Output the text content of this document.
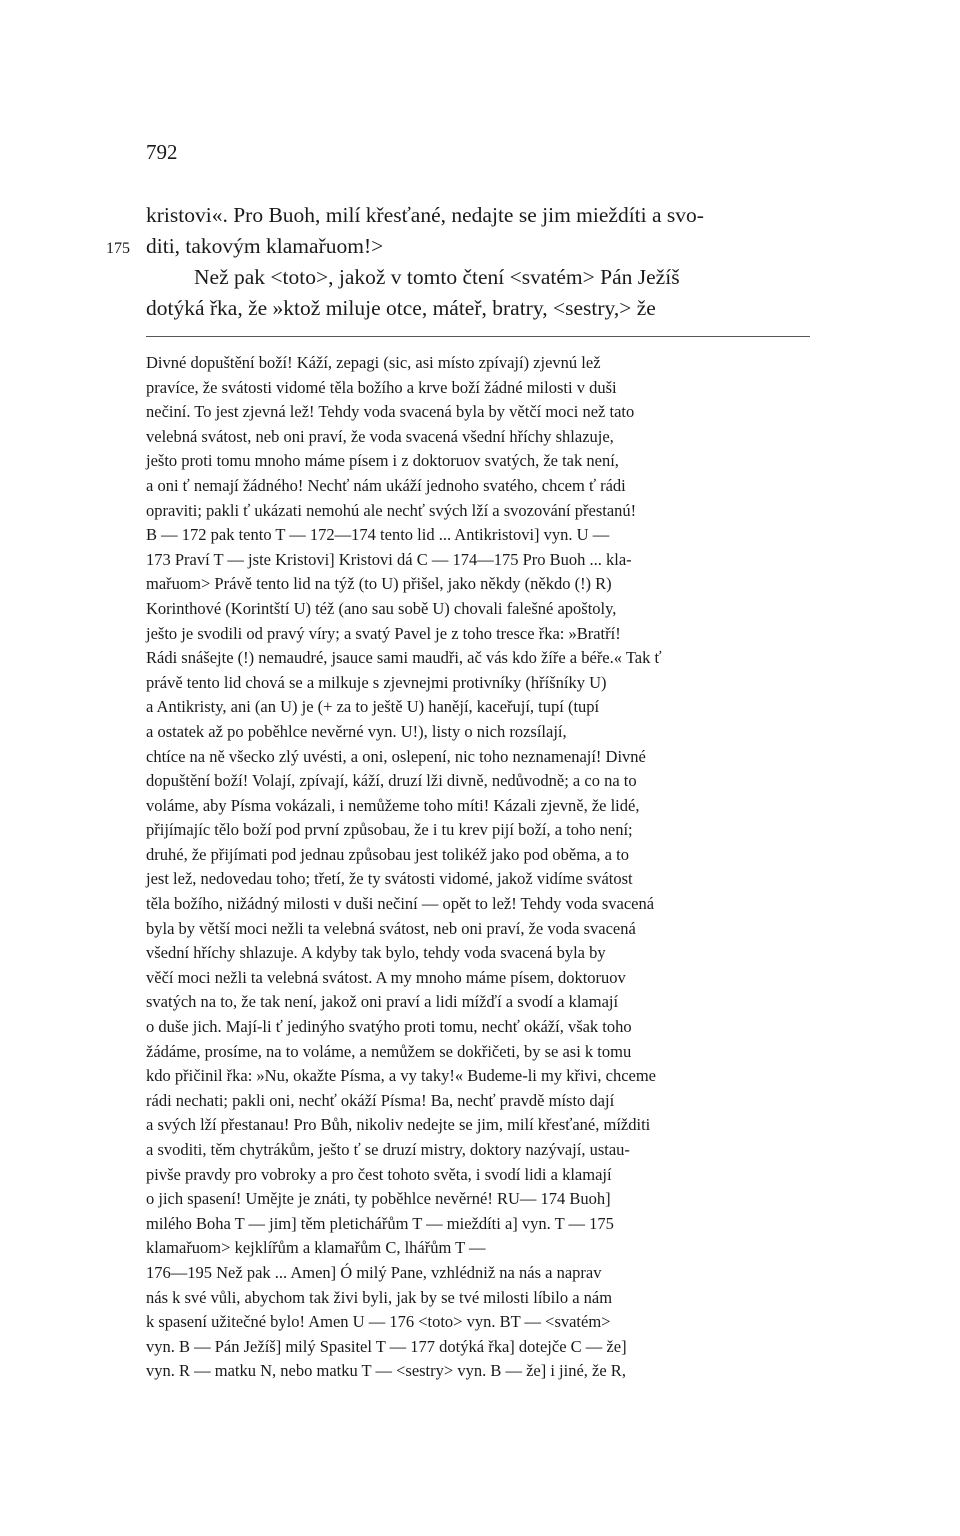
792
kristovi«. Pro Buoh, milí křesťané, nedajte se jim mieždíti a svo-
175 diti, takovým klamařuom!>
Než pak <toto>, jakož v tomto čtení <svatém> Pán Ježíš
dotýká řka, že »ktož miluje otce, máteř, bratry, <sestry,> že
Divné dopuštění boží! Káží, zepagi (sic, asi místo zpívají) zjevnú lež
pravíce, že svátosti vidomé těla božího a krve boží žádné milosti v duši
nečiní. To jest zjevná lež! Tehdy voda svacená byla by větčí moci než tato
velebná svátost, neb oni praví, že voda svacená všední hříchy shlazuje,
ješto proti tomu mnoho máme písem i z doktoruov svatých, že tak není,
a oni ť nemají žádného! Nechť nám ukáží jednoho svatého, chcem ť rádi
opraviti; pakli ť ukázati nemohú ale nechť svých lží a svozování přestanú!
B — 172 pak tento T — 172—174 tento lid ... Antikristovi] vyn. U —
173 Praví T — jste Kristovi] Kristovi dá C — 174—175 Pro Buoh ... kla-
mařuom> Právě tento lid na týž (to U) přišel, jako někdy (někdo (!) R)
Korinthové (Korintští U) též (ano sau sobě U) chovali falešné apoštoly,
ješto je svodili od pravý víry; a svatý Pavel je z toho tresce řka: »Bratří!
Rádi snášejte (!) nemaudré, jsauce sami maudři, ač vás kdo žíře a béře.« Tak ť
právě tento lid chová se a milkuje s zjevnejmi protivníky (hříšníky U)
a Antikristy, ani (an U) je (+ za to ještě U) hanějí, kaceřují, tupí (tupí
a ostatek až po poběhlce nevěrné vyn. U!), listy o nich rozsílají,
chtíce na ně všecko zlý uvésti, a oni, oslepení, nic toho neznamenají! Divné
dopuštění boží! Volají, zpívají, káží, druzí lži divně, nedůvodně; a co na to
voláme, aby Písma vokázali, i nemůžeme toho míti! Kázali zjevně, že lidé,
přijímajíc tělo boží pod první způsobau, že i tu krev pijí boží, a toho není;
druhé, že přijímati pod jednau způsobau jest tolikéž jako pod oběma, a to
jest lež, nedovedau toho; třetí, že ty svátosti vidomé, jakož vidíme svátost
těla božího, nižádný milosti v duši nečiní — opět to lež! Tehdy voda svacená
byla by větší moci nežli ta velebná svátost, neb oni praví, že voda svacená
všední hříchy shlazuje. A kdyby tak bylo, tehdy voda svacená byla by
věčí moci nežli ta velebná svátost. A my mnoho máme písem, doktoruov
svatých na to, že tak není, jakož oni praví a lidi mížďí a svodí a klamají
o duše jich. Mají-li ť jedinýho svatýho proti tomu, nechť okáží, však toho
žádáme, prosíme, na to voláme, a nemůžem se dokřičeti, by se asi k tomu
kdo přičinil řka: »Nu, okažte Písma, a vy taky!« Budeme-li my křivi, chceme
rádi nechati; pakli oni, nechť okáží Písma! Ba, nechť pravdě místo dají
a svých lží přestanau! Pro Bůh, nikoliv nedejte se jim, milí křesťané, mížditi
a svoditi, těm chytrákům, ješto ť se druzí mistry, doktory nazývají, ustau-
pivše pravdy pro vobroky a pro čest tohoto světa, i svodí lidi a klamají
o jich spasení! Umějte je znáti, ty poběhlce nevěrné! RU— 174 Buoh]
milého Boha T — jim] těm pletichářům T — mieždíti a] vyn. T — 175
klamařuom> kejklířům a klamařům C, lhářům T —
176—195 Než pak ... Amen] Ó milý Pane, vzhlédniž na nás a naprav
nás k své vůli, abychom tak živi byli, jak by se tvé milosti líbilo a nám
k spasení užitečné bylo! Amen U — 176 <toto> vyn. BT — <svatém>
vyn. B — Pán Ježíš] milý Spasitel T — 177 dotýká řka] dotejče C — že]
vyn. R — matku N, nebo matku T — <sestry> vyn. B — že] i jiné, že R,
